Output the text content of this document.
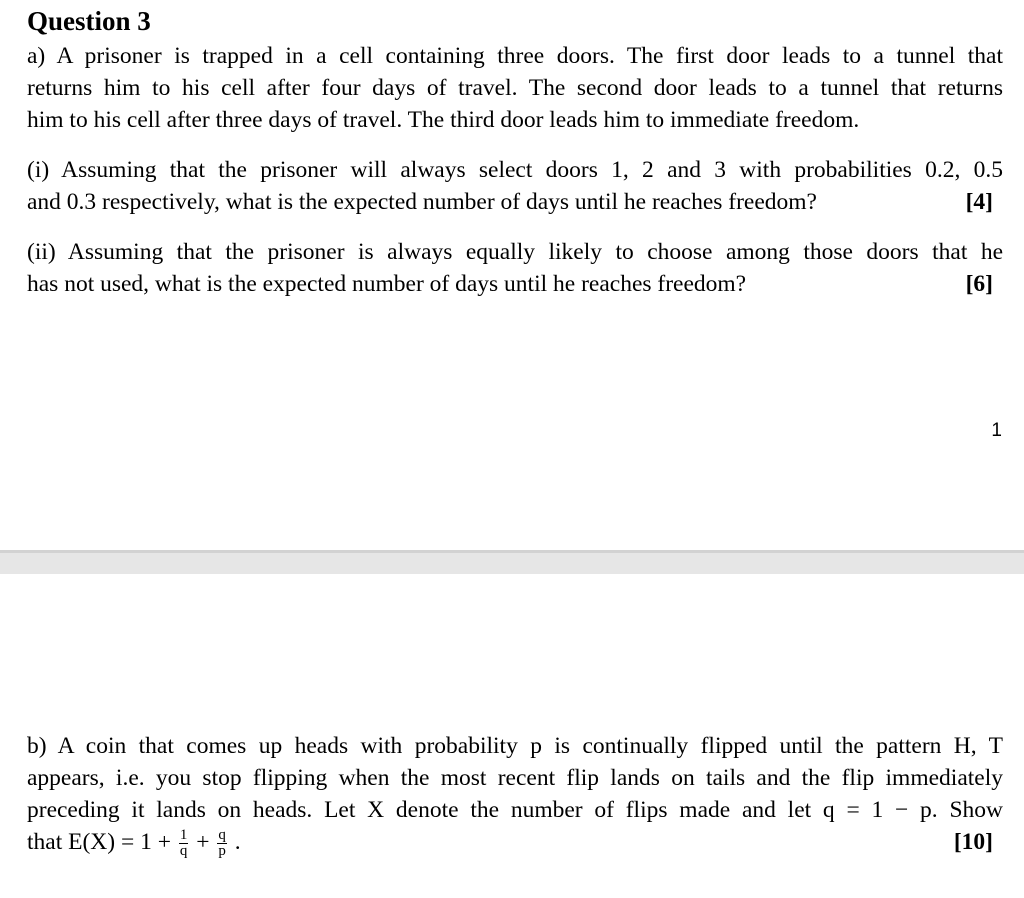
Question 3
a) A prisoner is trapped in a cell containing three doors. The first door leads to a tunnel that
returns him to his cell after four days of travel. The second door leads to a tunnel that returns
him to his cell after three days of travel. The third door leads him to immediate freedom.
(i) Assuming that the prisoner will always select doors 1, 2 and 3 with probabilities 0.2, 0.5
and 0.3 respectively, what is the expected number of days until he reaches freedom?	[4]
(ii) Assuming that the prisoner is always equally likely to choose among those doors that he
has not used, what is the expected number of days until he reaches freedom?	[6]
1
b) A coin that comes up heads with probability p is continually flipped until the pattern H, T
appears, i.e. you stop flipping when the most recent flip lands on tails and the flip immediately
preceding it lands on heads. Let X denote the number of flips made and let q = 1 − p. Show
that $E(X) = 1 + \frac{1}{q} + \frac{q}{p}$ .	[10]
